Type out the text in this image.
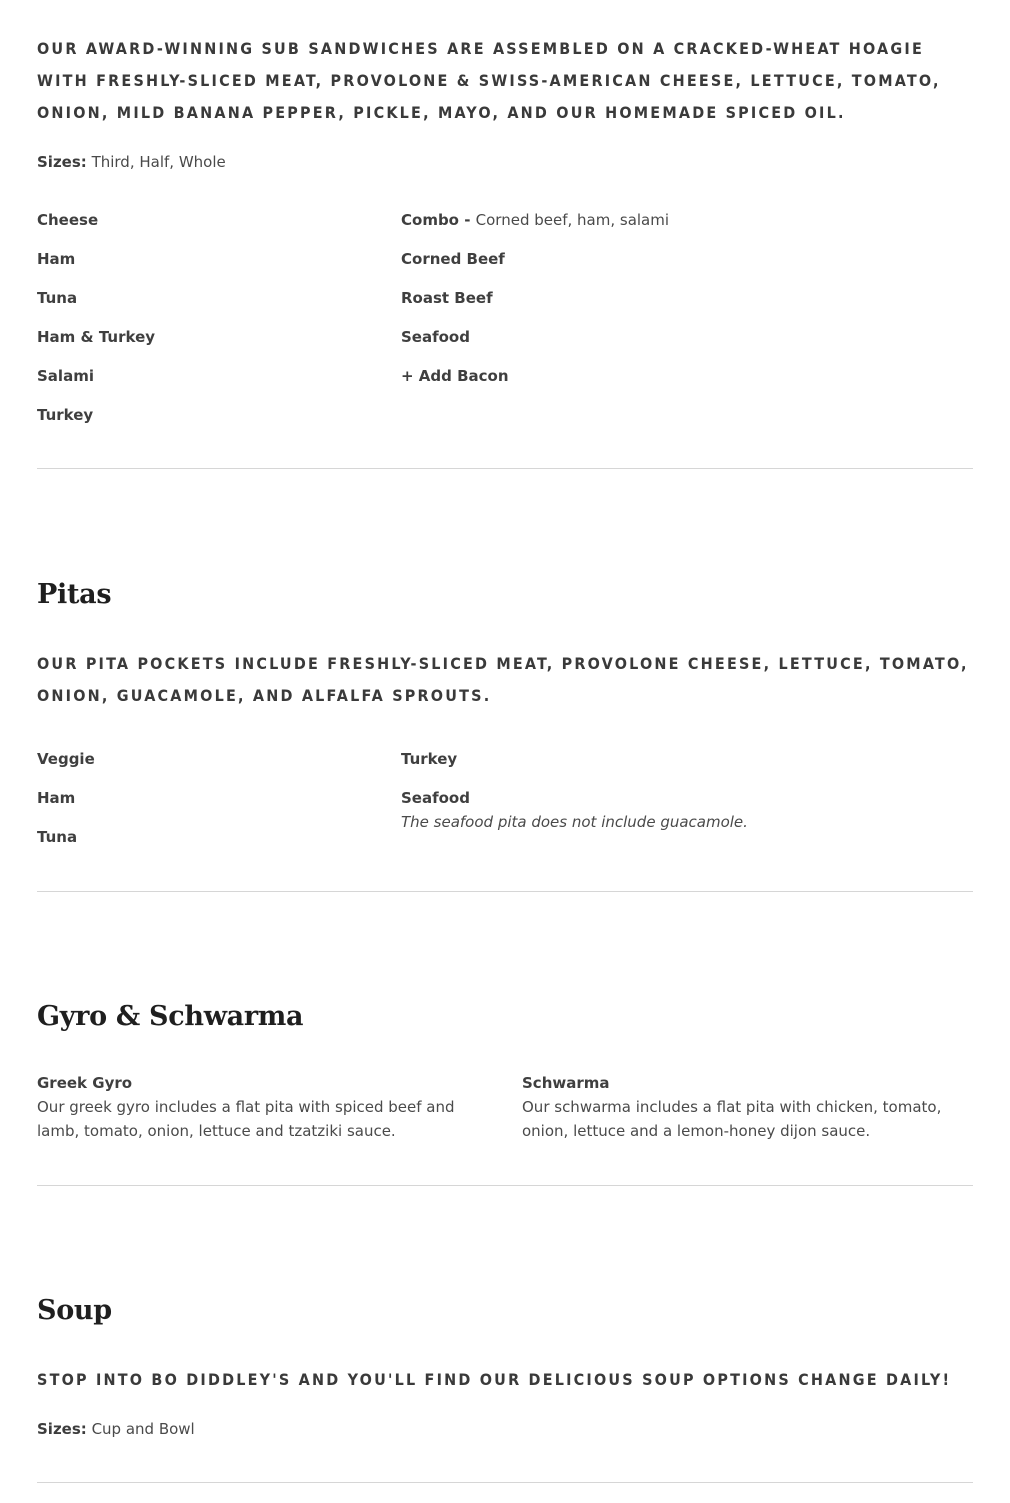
OUR AWARD-WINNING SUB SANDWICHES ARE ASSEMBLED ON A CRACKED-WHEAT HOAGIE WITH FRESHLY-SLICED MEAT, PROVOLONE & SWISS-AMERICAN CHEESE, LETTUCE, TOMATO, ONION, MILD BANANA PEPPER, PICKLE, MAYO, AND OUR HOMEMADE SPICED OIL.

Sizes: Third, Half, Whole

Cheese

Ham

Tuna

Ham & Turkey

Salami

Turkey

Combo - Corned beef, ham, salami

Corned Beef

Roast Beef

Seafood

+ Add Bacon

Pitas

OUR PITA POCKETS INCLUDE FRESHLY-SLICED MEAT, PROVOLONE CHEESE, LETTUCE, TOMATO, ONION, GUACAMOLE, AND ALFALFA SPROUTS.

Veggie

Ham

Tuna

Turkey

Seafood
The seafood pita does not include guacamole.

Gyro & Schwarma

Greek Gyro
Our greek gyro includes a flat pita with spiced beef and lamb, tomato, onion, lettuce and tzatziki sauce.

Schwarma
Our schwarma includes a flat pita with chicken, tomato, onion, lettuce and a lemon-honey dijon sauce.

Soup

STOP INTO BO DIDDLEY'S AND YOU'LL FIND OUR DELICIOUS SOUP OPTIONS CHANGE DAILY!

Sizes: Cup and Bowl
